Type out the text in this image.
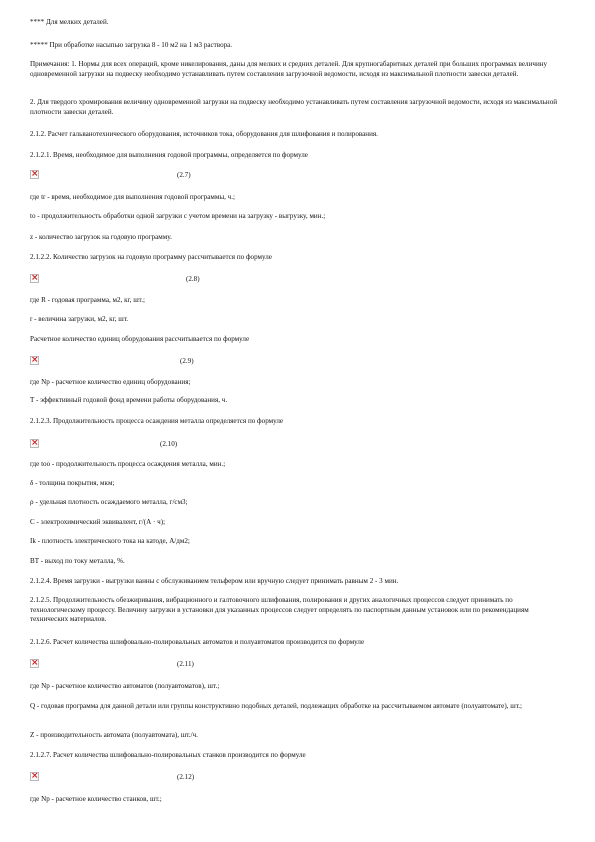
**** Для мелких деталей.

***** При обработке насыпью загрузка 8 - 10 м2 на 1 м3 раствора.

Примечания: 1. Нормы для всех операций, кроме никелирования, даны для мелких и средних деталей. Для крупногабаритных деталей при больших программах величину одновременной загрузки на подвеску необходимо устанавливать путем составления загрузочной ведомости, исходя из максимальной плотности завески деталей.

2. Для твердого хромирования величину одновременной загрузки на подвеску необходимо устанавливать путем составления загрузочной ведомости, исходя из максимальной плотности завески деталей.

2.1.2. Расчет гальванотехнического оборудования, источников тока, оборудования для шлифования и полирования.

2.1.2.1. Время, необходимое для выполнения годовой программы, определяется по формуле

×
(2.7)

где tr - время, необходимое для выполнения годовой программы, ч.;

to - продолжительность обработки одной загрузки с учетом времени на загрузку - выгрузку, мин.;

z - количество загрузок на годовую программу.

2.1.2.2. Количество загрузок на годовую программу рассчитывается по формуле

×
(2.8)

где R - годовая программа, м2, кг, шт.;

r - величина загрузки, м2, кг, шт.

Расчетное количество единиц оборудования рассчитывается по формуле

×
(2.9)

где Np - расчетное количество единиц оборудования;

T - эффективный годовой фонд времени работы оборудования, ч.

2.1.2.3. Продолжительность процесса осаждения металла определяется по формуле

×
(2.10)

где too - продолжительность процесса осаждения металла, мин.;

δ - толщина покрытия, мкм;

ρ - удельная плотность осаждаемого металла, г/см3;

C - электрохимический эквивалент, г/(А · ч);

Ik - плотность электрического тока на катоде, А/дм2;

BT - выход по току металла, %.

2.1.2.4. Время загрузки - выгрузки ванны с обслуживанием тельфером или вручную следует принимать равным 2 - 3 мин.

2.1.2.5. Продолжительность обезжиривания, вибрационного и галтовочного шлифования, полирования и других аналогичных процессов следует принимать по технологическому процессу. Величину загрузки в установки для указанных процессов следует определять по паспортным данным установок или по рекомендациям технических материалов.

2.1.2.6. Расчет количества шлифовально-полировальных автоматов и полуавтоматов производится по формуле

×
(2.11)

где Np - расчетное количество автоматов (полуавтоматов), шт.;

Q - годовая программа для данной детали или группы конструктивно подобных деталей, подлежащих обработке на рассчитываемом автомате (полуавтомате), шт.;

Z - производительность автомата (полуавтомата), шт./ч.

2.1.2.7. Расчет количества шлифовально-полировальных станков производится по формуле

×
(2.12)

где Np - расчетное количество станков, шт.;
